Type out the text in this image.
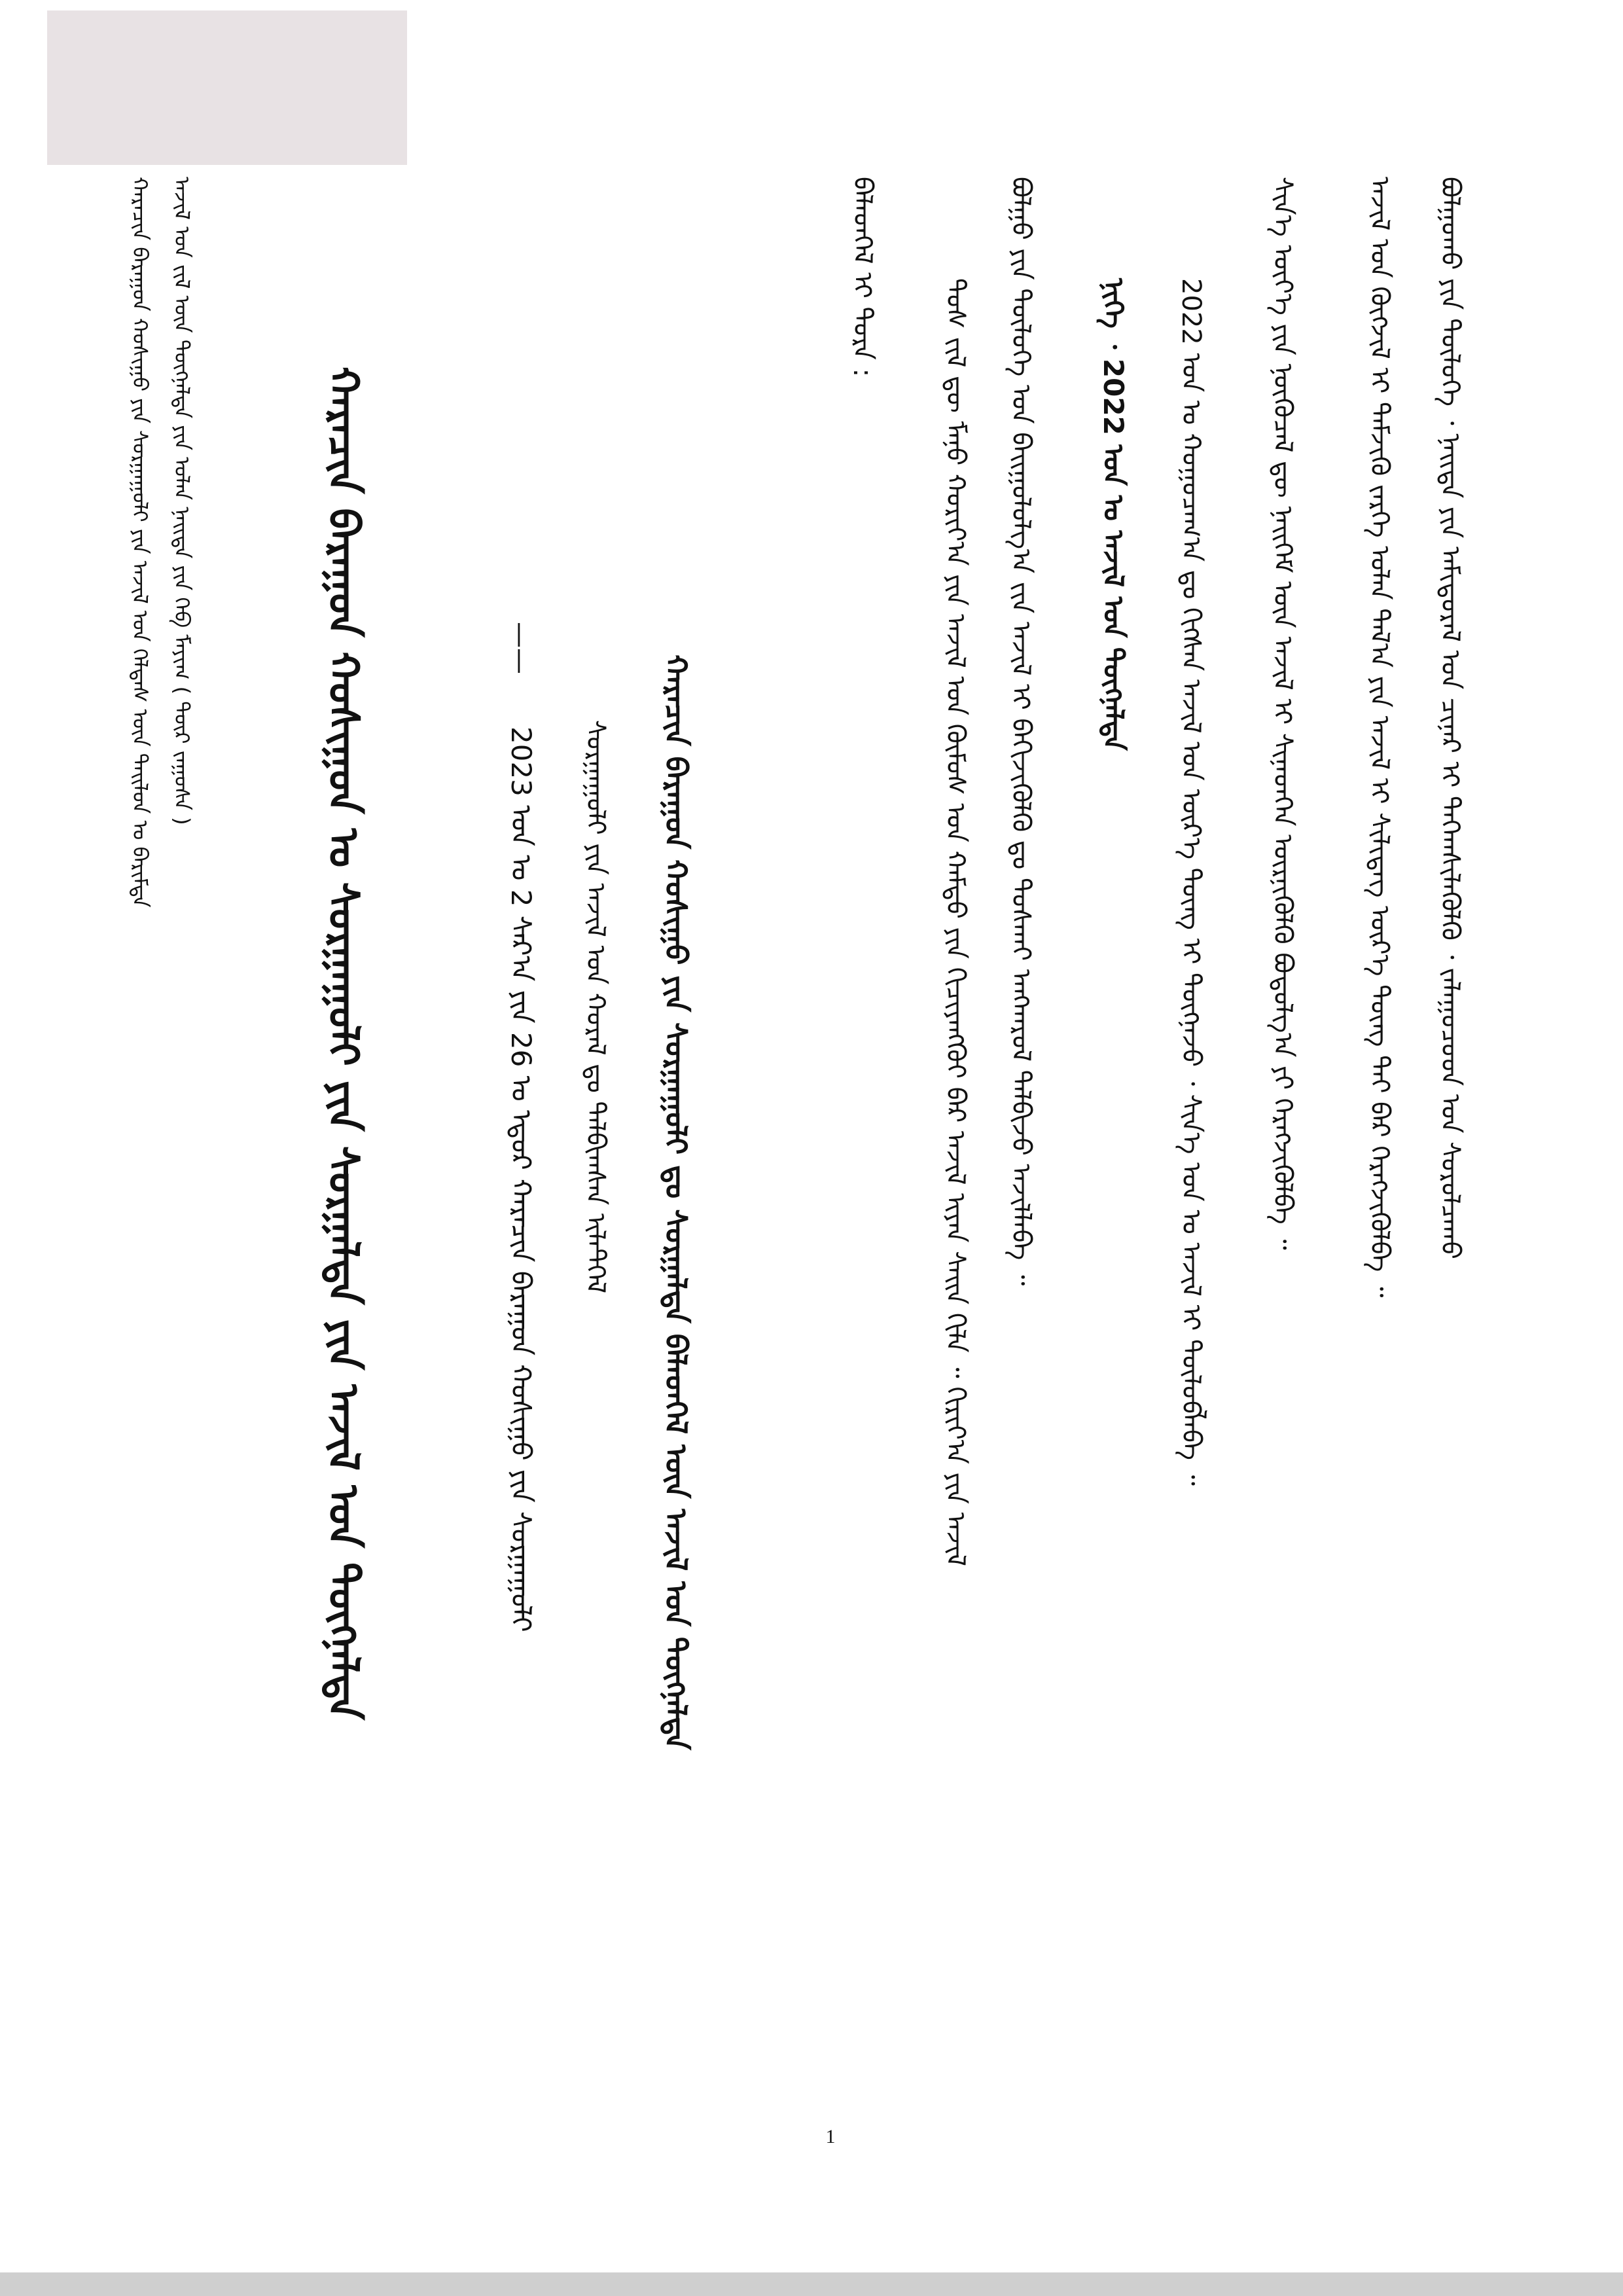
ᠪᠤᠯᠭᠤᠬᠤ ᠶᠢᠨ ᠲᠥᠯᠥᠭᠡ ᠂ ᠨᠡᠢᠲᠡ ᠶᠢᠨ ᠠᠮᠢᠳᠤᠷᠠᠯ ᠤᠨ ᠴᠢᠨᠠᠷ ᠢ ᠳᠡᠭᠡᠭ᠍ᠰᠢᠯᠡᠭᠦᠯᠬᠦ ᠂ ᠵᠠᠯᠠᠭᠤᠴᠤᠳ ᠤᠨ ᠰᠤᠷᠤᠯᠴᠠᠬᠤ
ᠠᠵᠢᠯ ᠤᠨ ᠬᠥᠭᠵᠢᠯ ᠢ ᠳᠡᠮᠵᠢᠬᠦ ᠵᠡᠷᠭᠡ ᠣᠯᠠᠨ ᠲᠠᠯ᠎ᠠ ᠶᠢᠨ ᠠᠵᠢᠯ ᠢ ᠰᠢᠯᠢᠳᠡᠭ ᠦᠷ᠎ᠡ ᠳᠦᠩ ᠲᠠᠢ ᠪᠠᠷ ᠬᠡᠷᠡᠭᠵᠢᠭᠦᠯᠪᠡ ᠃
ᠰᠢᠨ᠎ᠡ ᠦᠶ᠎ᠡ ᠶᠢᠨ ᠨᠥᠬᠦᠴᠡᠯ ᠳᠦ ᠨᠡᠢᠭᠡᠮ ᠦᠨ ᠠᠵᠢᠯ ᠢ ᠰᠢᠨᠡᠳᠬᠡᠨ ᠥᠷᠨᠢᠭᠦᠯᠬᠦ ᠪᠣᠳᠤᠯᠭ᠎ᠠ ᠶᠢ ᠬᠡᠷᠡᠭᠵᠢᠭᠦᠯᠪᠡ ᠃
2022 ᠣᠨ ᠤ ᠬᠤᠭᠤᠴᠠᠭ᠎ᠠ ᠳᠤ ᠬᠢᠭᠰᠡᠨ ᠠᠵᠢᠯ ᠤᠨ ᠦᠷ᠎ᠡ ᠳᠦᠩ ᠢ ᠳᠦᠭᠨᠡᠵᠦ ᠂ ᠰᠢᠨ᠎ᠡ ᠣᠨ ᠤ ᠠᠵᠢᠯ ᠢ ᠲᠥᠯᠥᠪᠯᠡᠪᠡ ᠃
ᠨᠢᠭᠡ ᠂ 2022 ᠣᠨ ᠤ ᠠᠵᠢᠯ ᠤᠨ ᠳᠦᠭᠨᠡᠯᠲᠡ
ᠪᠣᠯᠭᠤ ᠶᠢᠨ ᠲᠥᠯᠥᠭᠡ ᠤᠨ ᠪᠠᠢᠭᠤᠯᠤᠯᠭ᠎ᠠ ᠵᠢᠨ ᠠᠵᠢᠯ ᠢ ᠪᠡᠬᠢᠵᠢᠭᠦᠯᠬᠦ ᠳᠤ ᠲᠤᠰᠬᠠᠢ ᠠᠩᠬᠠᠷᠤᠯ ᠲᠠᠯᠪᠢᠵᠤ ᠠᠵᠢᠯᠯᠠᠪᠠ ᠃
ᠲᠤᠰ ᠵᠢᠯ ᠳᠦ ᠮᠠᠨᠤ ᠬᠤᠷᠢᠶ᠎ᠠ ᠶᠢᠨ ᠠᠵᠢᠯ ᠤᠨ ᠬᠦᠮᠦᠰ ᠤᠨ ᠬᠠᠮᠲᠤ ᠶᠢᠨ ᠬᠢᠴᠢᠶᠡᠩᠭᠦᠢ ᠪᠡᠷ ᠠᠵᠢᠯ ᠢᠶᠠᠨ ᠰᠠᠢᠨ ᠬᠢᠯᠡ ᠃ ᠬᠢᠷᠢᠶ᠎ᠠ ᠶᠢᠨ ᠠᠵᠢᠯ
ᠪᠡᠯᠡᠳᠬᠡᠯ ᠢ ᠳᠤᠷᠠ :
ᠬᠠᠷᠠᠴᠢᠨ ᠪᠠᠷᠠᠭᠤᠨ ᠬᠣᠰᠢᠭᠤ ᠶᠢᠨ ᠰᠤᠷᠭᠠᠭᠤᠯᠢ ᠳᠤ ᠰᠤᠷᠭᠠᠯᠲᠠ ᠪᠡᠯᠡᠳᠬᠡᠯ ᠦᠨ ᠠᠵᠢᠯ ᠤᠨ ᠳᠦᠭᠨᠡᠯᠲᠡ
ᠰᠤᠷᠭᠠᠭᠤᠯᠢ ᠶᠢᠨ ᠠᠵᠢᠯ ᠤᠨ ᠬᠤᠷᠠᠯ ᠳᠤ ᠲᠠᠯᠪᠢᠭᠰᠠᠨ ᠢᠯᠡᠲᠬᠡᠯ
——
2023 ᠣᠨ ᠤ 2 ᠰᠠᠷ᠎ᠠ ᠶᠢᠨ 26 ᠤ ᠡᠳᠦᠷ ᠬᠠᠷᠠᠴᠢᠨ ᠪᠠᠷᠠᠭᠤᠨ ᠬᠣᠰᠢᠭᠤ ᠶᠢᠨ ᠰᠤᠷᠭᠠᠭᠤᠯᠢ
ᠬᠠᠷᠠᠴᠢᠨ ᠪᠠᠷᠠᠭᠤᠨ ᠬᠣᠰᠢᠭᠤᠨ ᠤ ᠰᠤᠷᠭᠠᠭᠤᠯᠢ ᠶᠢᠨ ᠰᠤᠷᠭᠠᠯᠲᠠ ᠶᠢᠨ ᠠᠵᠢᠯ ᠤᠨ ᠳᠦᠭᠨᠡᠯᠲᠡ
ᠠᠵᠢᠯ ᠤᠨ ᠵᠢᠯ ᠦᠨ ᠳᠦᠭᠨᠡᠯᠲᠡ ᠶᠢᠨ ᠣᠯᠠᠨ ᠨᠡᠢᠲᠡ ᠶᠢᠨ ᠬᠡᠪ ᠮᠠᠶᠢᠭ ( ᠲᠦᠷ ᠵᠠᠭᠤᠰᠠ )
ᠬᠠᠷᠠᠴᠢᠨ ᠪᠠᠷᠠᠭᠤᠨ ᠬᠣᠰᠢᠭᠤ ᠶᠢᠨ ᠰᠤᠷᠭᠠᠭᠤᠯᠢ ᠶᠢᠨ ᠠᠵᠢᠯ ᠤᠨ ᠬᠡᠯᠲᠡᠰ ᠦᠨ ᠲᠠᠢᠯᠤᠨ ᠤ ᠪᠠᠷᠢᠮᠲᠠ
1
